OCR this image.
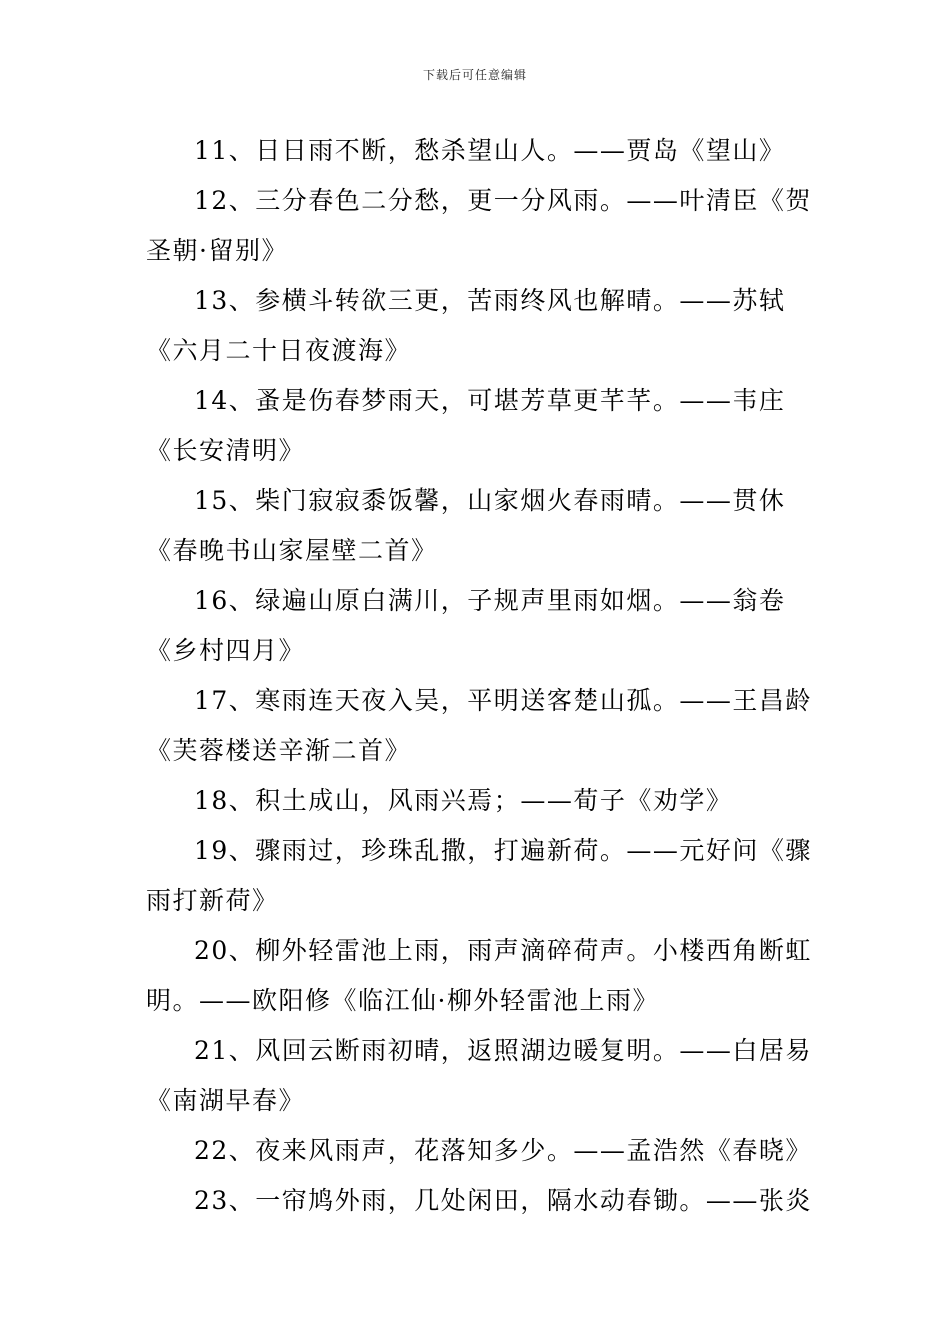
下载后可任意编辑

11、日日雨不断，愁杀望山人。——贾岛《望山》

12、三分春色二分愁，更一分风雨。——叶清臣《贺圣朝·留别》

13、参横斗转欲三更，苦雨终风也解晴。——苏轼《六月二十日夜渡海》

14、蚤是伤春梦雨天，可堪芳草更芊芊。——韦庄《长安清明》

15、柴门寂寂黍饭馨，山家烟火春雨晴。——贯休《春晚书山家屋壁二首》

16、绿遍山原白满川，子规声里雨如烟。——翁卷《乡村四月》

17、寒雨连天夜入吴，平明送客楚山孤。——王昌龄《芙蓉楼送辛渐二首》

18、积土成山，风雨兴焉；——荀子《劝学》

19、骤雨过，珍珠乱撒，打遍新荷。——元好问《骤雨打新荷》

20、柳外轻雷池上雨，雨声滴碎荷声。小楼西角断虹明。——欧阳修《临江仙·柳外轻雷池上雨》

21、风回云断雨初晴，返照湖边暖复明。——白居易《南湖早春》

22、夜来风雨声，花落知多少。——孟浩然《春晓》

23、一帘鸠外雨，几处闲田，隔水动春锄。——张炎
